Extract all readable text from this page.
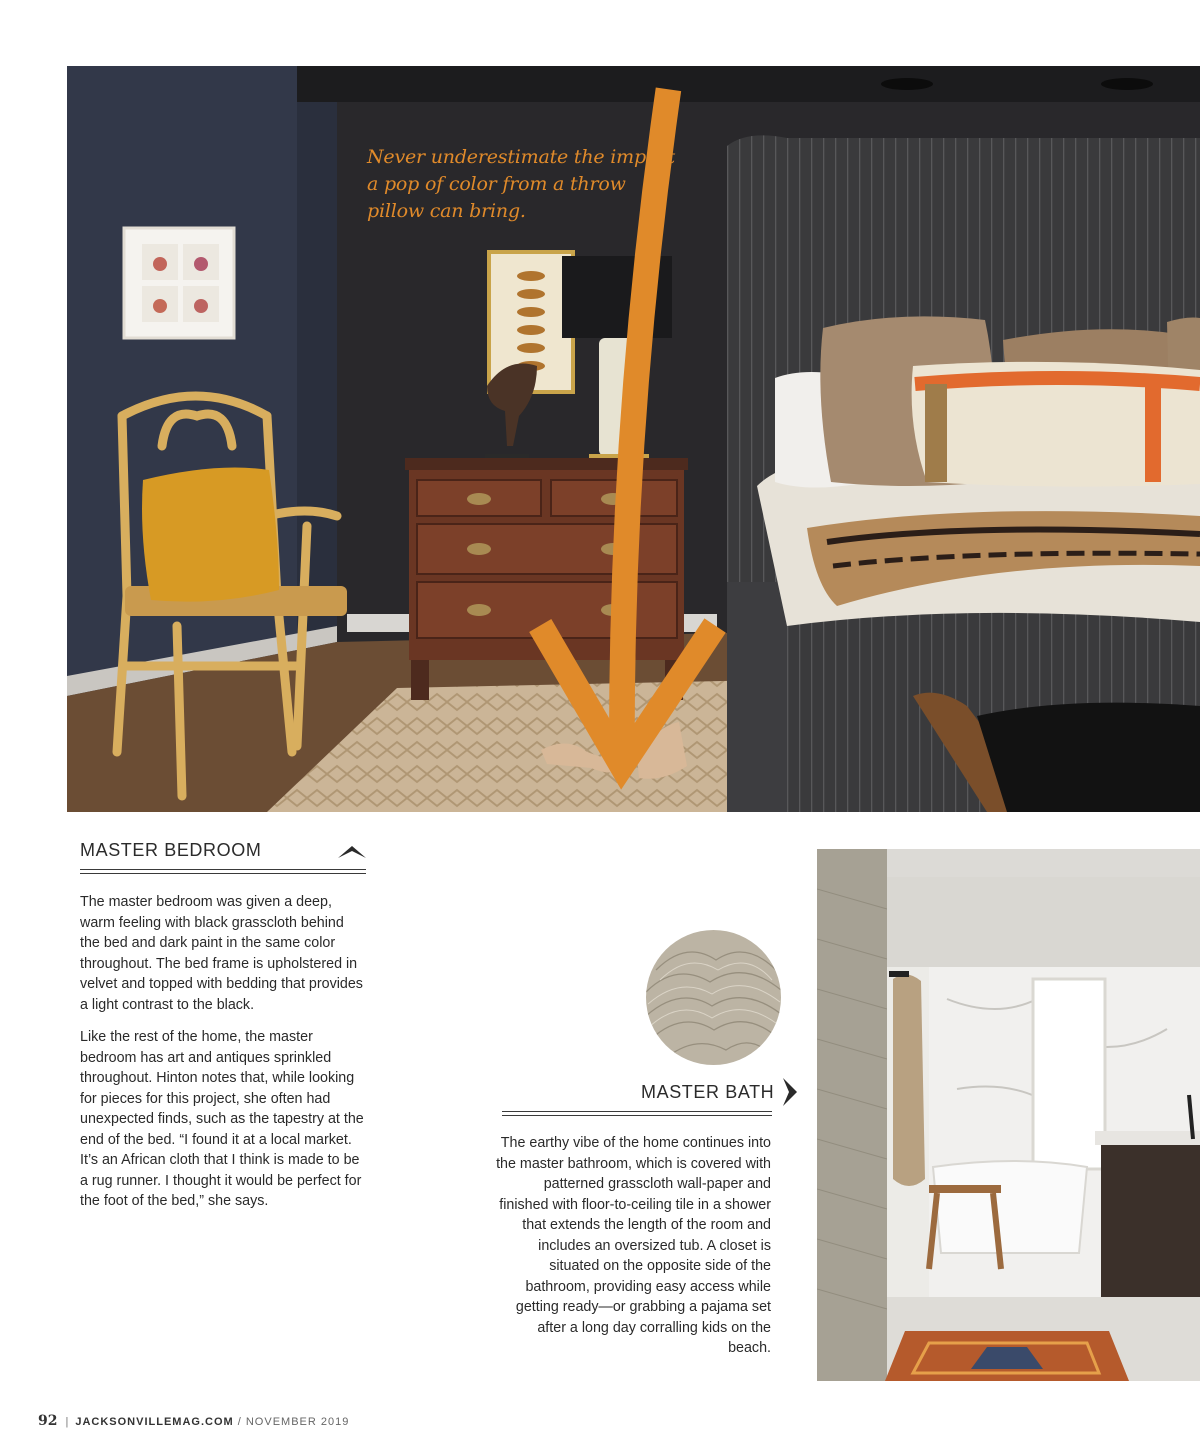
Never underestimate the impact a pop of color from a throw pillow can bring.
MASTER BEDROOM

The master bedroom was given a deep, warm feeling with black grasscloth behind the bed and dark paint in the same color throughout. The bed frame is upholstered in velvet and topped with bedding that provides a light contrast to the black.

Like the rest of the home, the master bedroom has art and antiques sprinkled throughout. Hinton notes that, while looking for pieces for this project, she often had unexpected finds, such as the tapestry at the end of the bed. “I found it at a local market. It’s an African cloth that I think is made to be a rug runner. I thought it would be perfect for the foot of the bed,” she says.

MASTER BATH
The earthy vibe of the home continues into the master bathroom, which is covered with patterned grasscloth wall-paper and finished with floor-to-ceiling tile in a shower that extends the length of the room and includes an oversized tub. A closet is situated on the opposite side of the bathroom, providing easy access while getting ready—or grabbing a pajama set after a long day corralling kids on the beach.
92 | JACKSONVILLEMAG.COM / NOVEMBER 2019
